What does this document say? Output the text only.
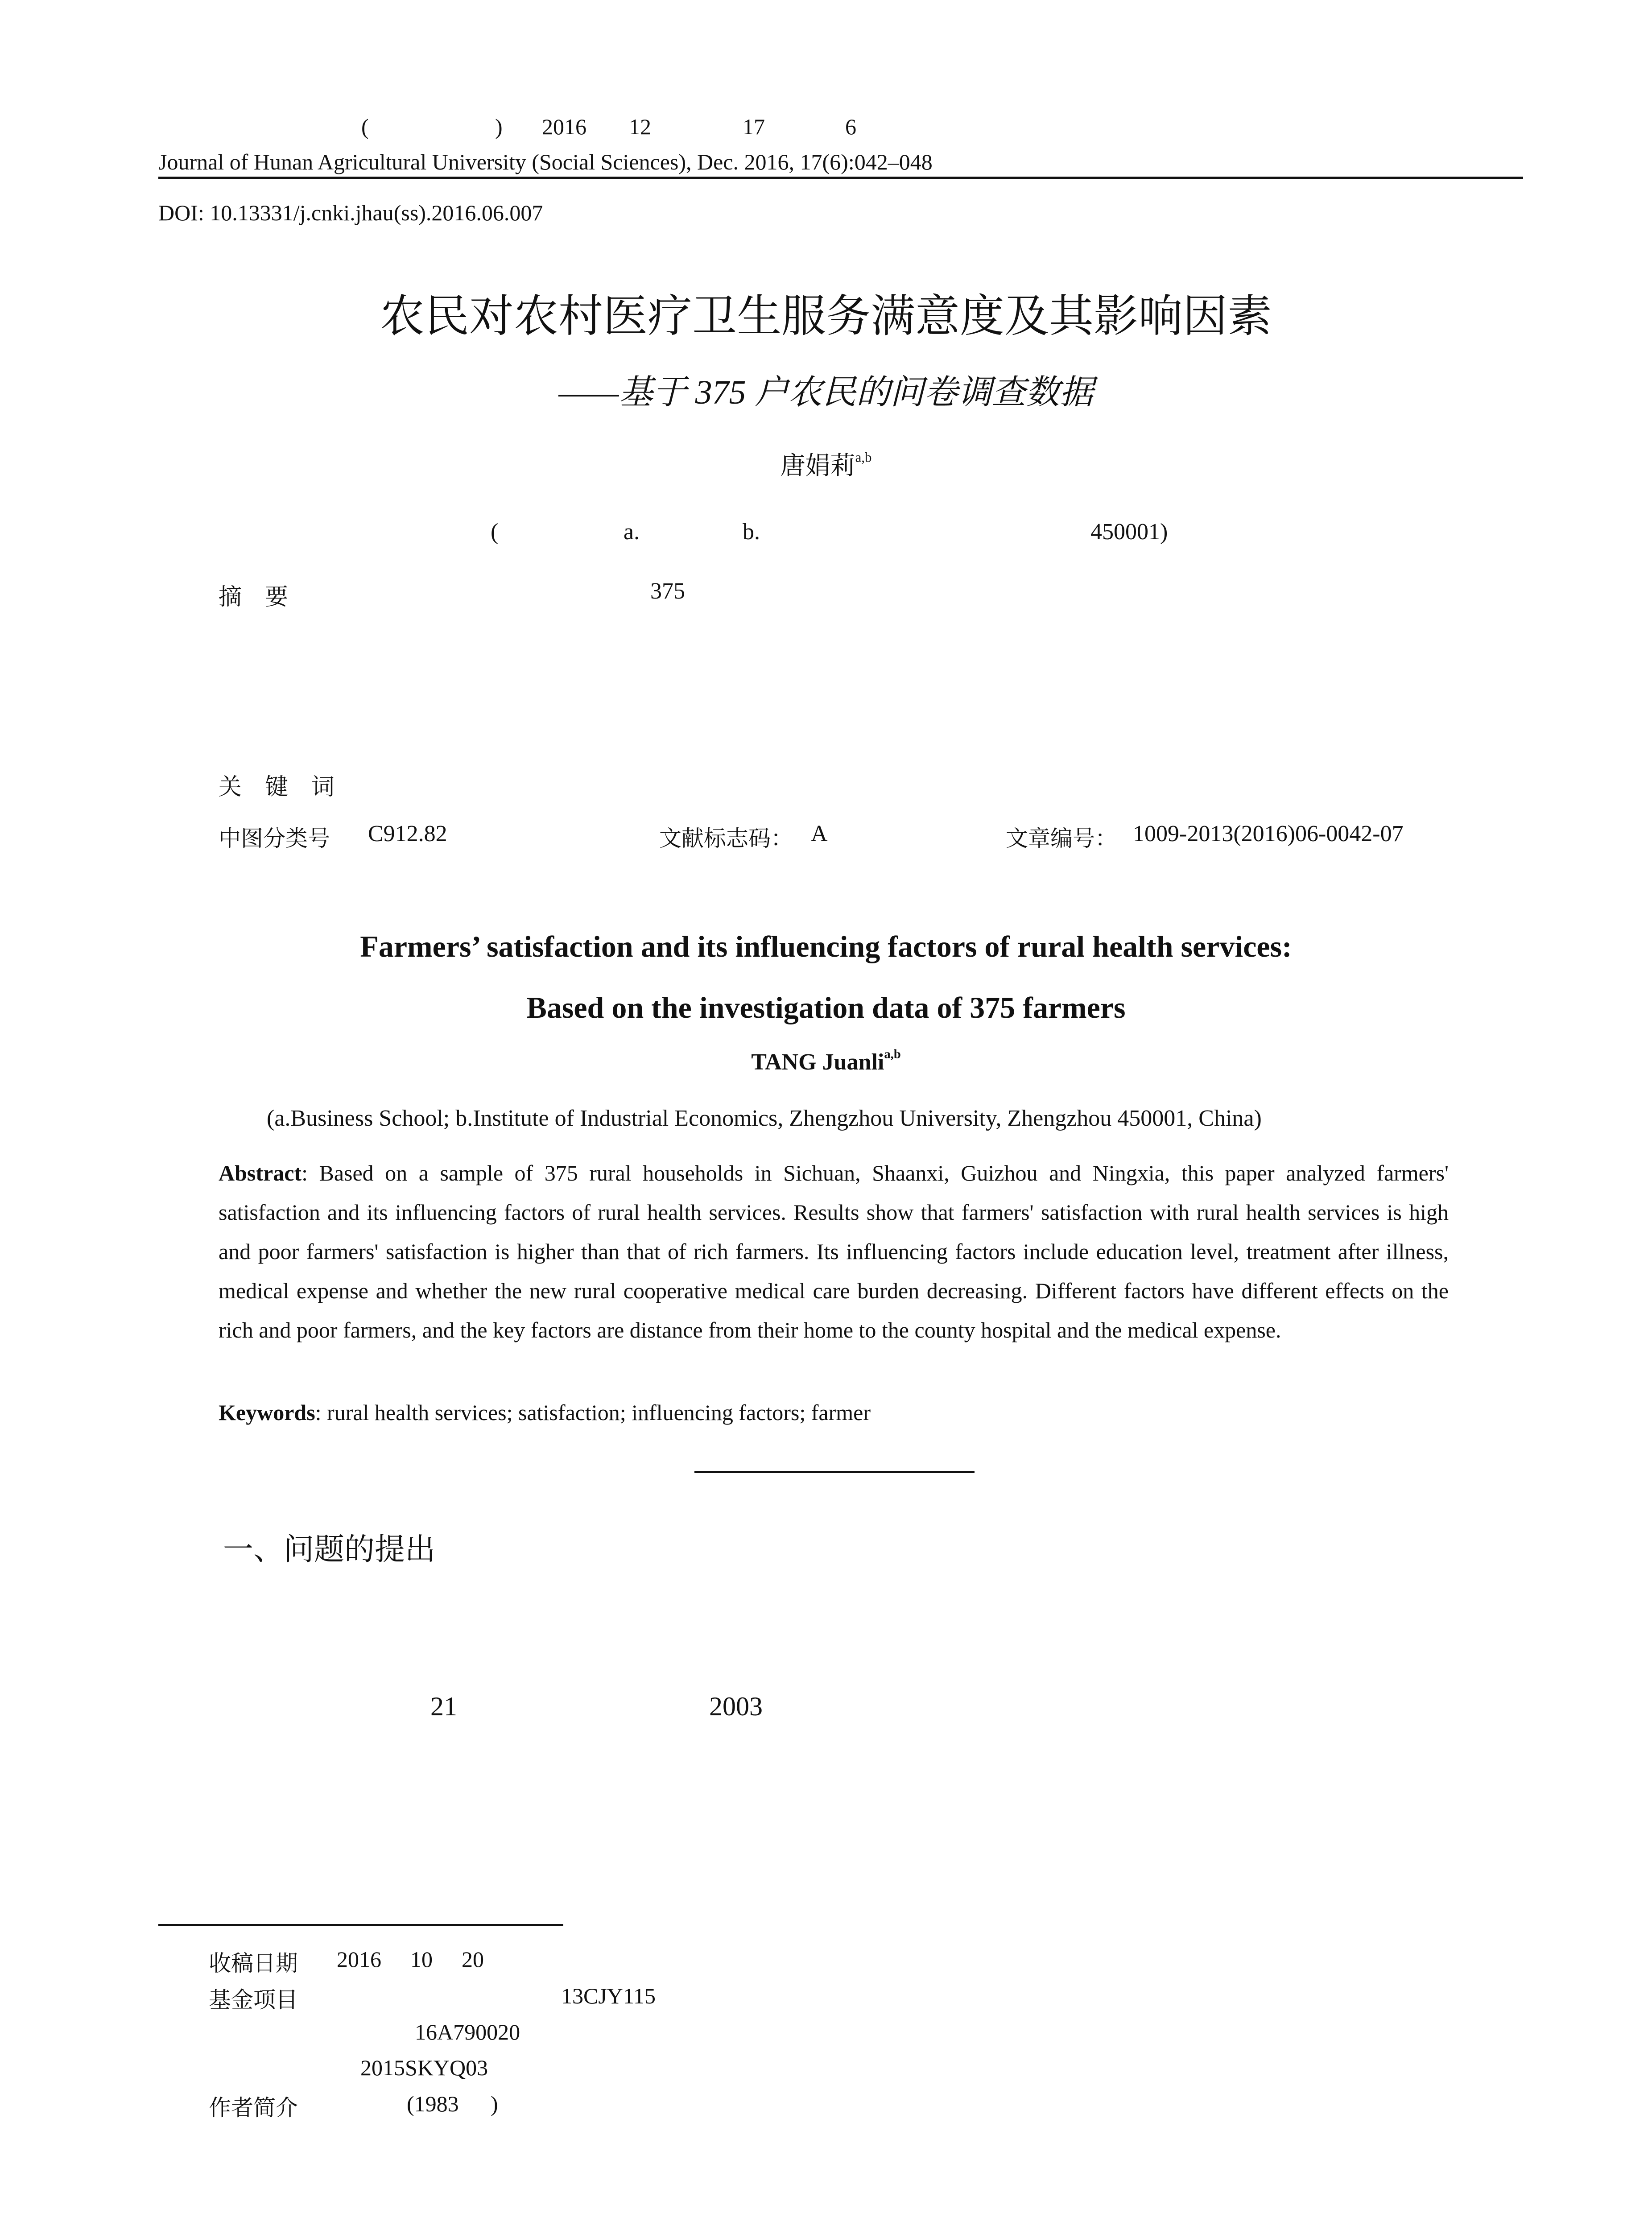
(	) 2016 12	17	6
Journal of Hunan Agricultural University (Social Sciences), Dec. 2016, 17(6):042–048
DOI: 10.13331/j.cnki.jhau(ss).2016.06.007
农民对农村医疗卫生服务满意度及其影响因素
——基于 375 户农民的问卷调查数据
唐娟莉$^{a,b}$
(	a.	b.	450001)
摘　要	375
关　键　词
中图分类号 C912.82	文献标志码： A	文章编号： 1009-2013(2016)06-0042-07
Farmers’ satisfaction and its influencing factors of rural health services:
Based on the investigation data of 375 farmers
TANG Juanli$^{a,b}$
(a.Business School; b.Institute of Industrial Economics, Zhengzhou University, Zhengzhou 450001, China)
Abstract: Based on a sample of 375 rural households in Sichuan, Shaanxi, Guizhou and Ningxia, this paper analyzed farmers' satisfaction and its influencing factors of rural health services. Results show that farmers' satisfaction with rural health services is high and poor farmers' satisfaction is higher than that of rich farmers. Its influencing factors include education level, treatment after illness, medical expense and whether the new rural cooperative medical care burden decreasing. Different factors have different effects on the rich and poor farmers, and the key factors are distance from their home to the county hospital and the medical expense.
Keywords: rural health services; satisfaction; influencing factors; farmer
一、问题的提出
21	2003
收稿日期 2016 10 20
基金项目	13CJY115
16A790020
2015SKYQ03
作者简介	(1983 )
